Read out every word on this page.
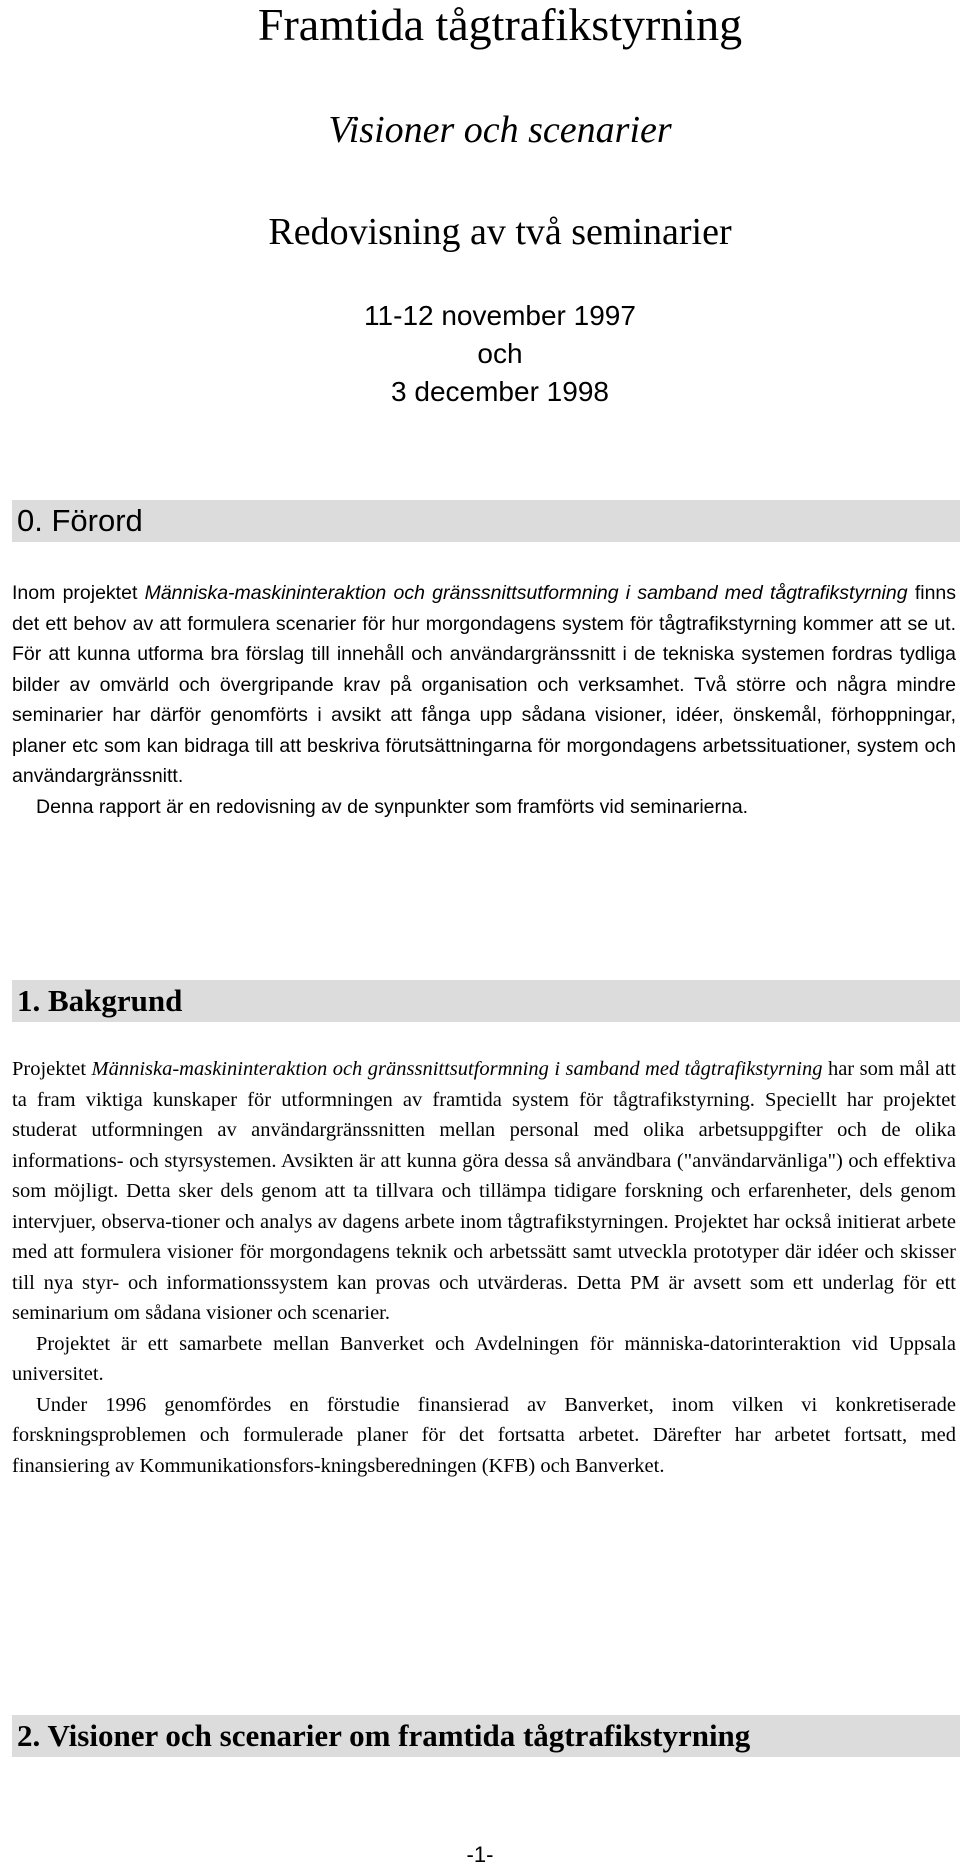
Framtida tågtrafikstyrning
Visioner och scenarier
Redovisning av två seminarier
11-12 november 1997
och
3 december 1998
0. Förord

Inom projektet Människa-maskininteraktion och gränssnittsutformning i samband med tågtrafikstyrning finns det ett behov av att formulera scenarier för hur morgondagens system för tågtrafikstyrning kommer att se ut. För att kunna utforma bra förslag till innehåll och användargränssnitt i de tekniska systemen fordras tydliga bilder av omvärld och övergripande krav på organisation och verksamhet. Två större och några mindre seminarier har därför genomförts i avsikt att fånga upp sådana visioner, idéer, önskemål, förhoppningar, planer etc som kan bidraga till att beskriva förutsättningarna för morgondagens arbetssituationer, system och användargränssnitt.

Denna rapport är en redovisning av de synpunkter som framförts vid seminarierna.

1. Bakgrund

Projektet Människa-maskininteraktion och gränssnittsutformning i samband med tågtrafikstyrning har som mål att ta fram viktiga kunskaper för utformningen av framtida system för tågtrafikstyrning. Speciellt har projektet studerat utformningen av användargränssnitten mellan personal med olika arbetsuppgifter och de olika informations- och styrsystemen. Avsikten är att kunna göra dessa så användbara ("användarvänliga") och effektiva som möjligt. Detta sker dels genom att ta tillvara och tillämpa tidigare forskning och erfarenheter, dels genom intervjuer, observa-tioner och analys av dagens arbete inom tågtrafikstyrningen. Projektet har också initierat arbete med att formulera visioner för morgondagens teknik och arbetssätt samt utveckla prototyper där idéer och skisser till nya styr- och informationssystem kan provas och utvärderas. Detta PM är avsett som ett underlag för ett seminarium om sådana visioner och scenarier.

Projektet är ett samarbete mellan Banverket och Avdelningen för människa-datorinteraktion vid Uppsala universitet.

Under 1996 genomfördes en förstudie finansierad av Banverket, inom vilken vi konkretiserade forskningsproblemen och formulerade planer för det fortsatta arbetet. Därefter har arbetet fortsatt, med finansiering av Kommunikationsfors-kningsberedningen (KFB) och Banverket.

2. Visioner och scenarier om framtida tågtrafikstyrning
-1-
